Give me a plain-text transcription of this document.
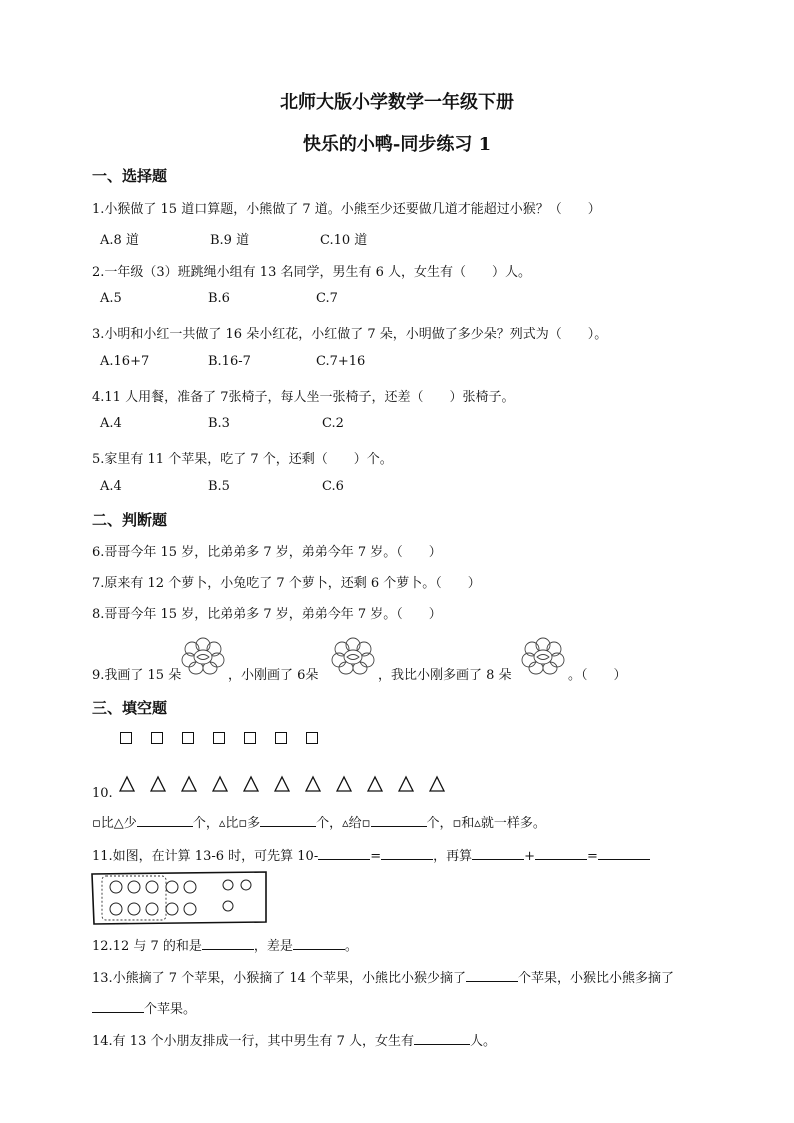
北师大版小学数学一年级下册
快乐的小鸭-同步练习 1
一、选择题
1.小猴做了 15 道口算题，小熊做了 7 道。小熊至少还要做几道才能超过小猴？（　　）
A.8 道	B.9 道	C.10 道
2.一年级（3）班跳绳小组有 13 名同学，男生有 6 人，女生有（　　）人。
A.5	B.6	C.7
3.小明和小红一共做了 16 朵小红花，小红做了 7 朵，小明做了多少朵？列式为（　　）。
A.16+7	B.16-7	C.7+16
4.11 人用餐，准备了 7张椅子，每人坐一张椅子，还差（　　）张椅子。
A.4	B.3	C.2
5.家里有 11 个苹果，吃了 7 个，还剩（　　）个。
A.4	B.5	C.6
二、判断题
6.哥哥今年 15 岁，比弟弟多 7 岁，弟弟今年 7 岁。（　　）
7.原来有 12 个萝卜，小兔吃了 7 个萝卜，还剩 6 个萝卜。（　　）
8.哥哥今年 15 岁，比弟弟多 7 岁，弟弟今年 7 岁。（　　）
9.我画了 15 朵	，小刚画了 6朵	，我比小刚多画了 8 朵	。（　　）
三、填空题
10.
▫比△少	个，▵比▫多	个，▵给▫	个，▫和▵就一样多。
11.如图，在计算 13-6 时，可先算 10-	=	，再算	+	=
12.12 与 7 的和是	，差是	。
13.小熊摘了 7 个苹果，小猴摘了 14 个苹果，小熊比小猴少摘了	个苹果，小猴比小熊多摘了
个苹果。
14.有 13 个小朋友排成一行，其中男生有 7 人，女生有	人。
